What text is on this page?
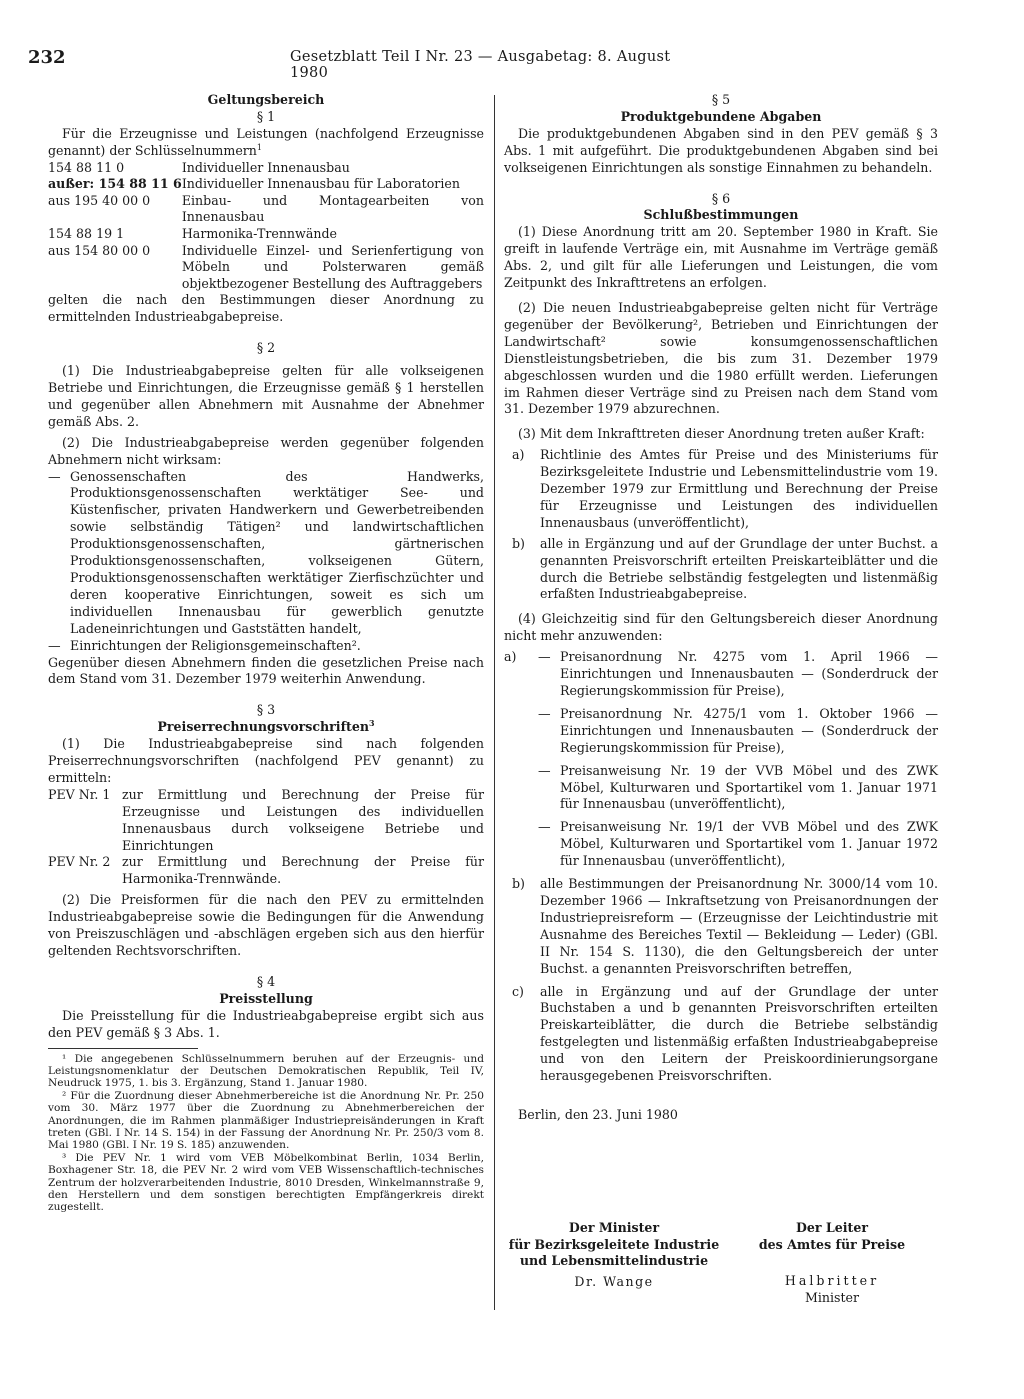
232	Gesetzblatt Teil I Nr. 23 — Ausgabetag: 8. August 1980

Geltungsbereich

§ 1

Für die Erzeugnisse und Leistungen (nachfolgend Erzeugnisse genannt) der Schlüsselnummern$^1$

154 88 11 0	Individueller Innenausbau
außer: 154 88 11 6	Individueller Innenausbau für Laboratorien
aus 195 40 00 0	Einbau- und Montagearbeiten von Innenausbau
154 88 19 1	Harmonika-Trennwände
aus 154 80 00 0	Individuelle Einzel- und Serienfertigung von Möbeln und Polsterwaren gemäß objektbezogener Bestellung des Auftraggebers

gelten die nach den Bestimmungen dieser Anordnung zu ermittelnden Industrieabgabepreise.

§ 2

(1) Die Industrieabgabepreise gelten für alle volkseigenen Betriebe und Einrichtungen, die Erzeugnisse gemäß § 1 herstellen und gegenüber allen Abnehmern mit Ausnahme der Abnehmer gemäß Abs. 2.

(2) Die Industrieabgabepreise werden gegenüber folgenden Abnehmern nicht wirksam:

— Genossenschaften des Handwerks, Produktionsgenossenschaften werktätiger See- und Küstenfischer, privaten Handwerkern und Gewerbetreibenden sowie selbständig Tätigen² und landwirtschaftlichen Produktionsgenossenschaften, gärtnerischen Produktionsgenossenschaften, volkseigenen Gütern, Produktionsgenossenschaften werktätiger Zierfischzüchter und deren kooperative Einrichtungen, soweit es sich um individuellen Innenausbau für gewerblich genutzte Ladeneinrichtungen und Gaststätten handelt,
— Einrichtungen der Religionsgemeinschaften².

Gegenüber diesen Abnehmern finden die gesetzlichen Preise nach dem Stand vom 31. Dezember 1979 weiterhin Anwendung.

§ 3

Preiserrechnungsvorschriften$^3$

(1) Die Industrieabgabepreise sind nach folgenden Preiserrechnungsvorschriften (nachfolgend PEV genannt) zu ermitteln:

PEV Nr. 1 zur Ermittlung und Berechnung der Preise für Erzeugnisse und Leistungen des individuellen Innenausbaus durch volkseigene Betriebe und Einrichtungen
PEV Nr. 2 zur Ermittlung und Berechnung der Preise für Harmonika-Trennwände.

(2) Die Preisformen für die nach den PEV zu ermittelnden Industrieabgabepreise sowie die Bedingungen für die Anwendung von Preiszuschlägen und -abschlägen ergeben sich aus den hierfür geltenden Rechtsvorschriften.

§ 4

Preisstellung

Die Preisstellung für die Industrieabgabepreise ergibt sich aus den PEV gemäß § 3 Abs. 1.

¹ Die angegebenen Schlüsselnummern beruhen auf der Erzeugnis- und Leistungsnomenklatur der Deutschen Demokratischen Republik, Teil IV, Neudruck 1975, 1. bis 3. Ergänzung, Stand 1. Januar 1980.

² Für die Zuordnung dieser Abnehmerbereiche ist die Anordnung Nr. Pr. 250 vom 30. März 1977 über die Zuordnung zu Abnehmerbereichen der Anordnungen, die im Rahmen planmäßiger Industriepreisänderungen in Kraft treten (GBl. I Nr. 14 S. 154) in der Fassung der Anordnung Nr. Pr. 250/3 vom 8. Mai 1980 (GBl. I Nr. 19 S. 185) anzuwenden.

³ Die PEV Nr. 1 wird vom VEB Möbelkombinat Berlin, 1034 Berlin, Boxhagener Str. 18, die PEV Nr. 2 wird vom VEB Wissenschaftlich-technisches Zentrum der holzverarbeitenden Industrie, 8010 Dresden, Winkelmannstraße 9, den Herstellern und dem sonstigen berechtigten Empfängerkreis direkt zugestellt.

§ 5

Produktgebundene Abgaben

Die produktgebundenen Abgaben sind in den PEV gemäß § 3 Abs. 1 mit aufgeführt. Die produktgebundenen Abgaben sind bei volkseigenen Einrichtungen als sonstige Einnahmen zu behandeln.

§ 6

Schlußbestimmungen

(1) Diese Anordnung tritt am 20. September 1980 in Kraft. Sie greift in laufende Verträge ein, mit Ausnahme im Verträge gemäß Abs. 2, und gilt für alle Lieferungen und Leistungen, die vom Zeitpunkt des Inkrafttretens an erfolgen.

(2) Die neuen Industrieabgabepreise gelten nicht für Verträge gegenüber der Bevölkerung², Betrieben und Einrichtungen der Landwirtschaft² sowie konsumgenossenschaftlichen Dienstleistungsbetrieben, die bis zum 31. Dezember 1979 abgeschlossen wurden und die 1980 erfüllt werden. Lieferungen im Rahmen dieser Verträge sind zu Preisen nach dem Stand vom 31. Dezember 1979 abzurechnen.

(3) Mit dem Inkrafttreten dieser Anordnung treten außer Kraft:

a) Richtlinie des Amtes für Preise und des Ministeriums für Bezirksgeleitete Industrie und Lebensmittelindustrie vom 19. Dezember 1979 zur Ermittlung und Berechnung der Preise für Erzeugnisse und Leistungen des individuellen Innenausbaus (unveröffentlicht),
b) alle in Ergänzung und auf der Grundlage der unter Buchst. a genannten Preisvorschrift erteilten Preiskarteiblätter und die durch die Betriebe selbständig festgelegten und listenmäßig erfaßten Industrieabgabepreise.

(4) Gleichzeitig sind für den Geltungsbereich dieser Anordnung nicht mehr anzuwenden:

a) — Preisanordnung Nr. 4275 vom 1. April 1966 — Einrichtungen und Innenausbauten — (Sonderdruck der Regierungskommission für Preise),
— Preisanordnung Nr. 4275/1 vom 1. Oktober 1966 — Einrichtungen und Innenausbauten — (Sonderdruck der Regierungskommission für Preise),
— Preisanweisung Nr. 19 der VVB Möbel und des ZWK Möbel, Kulturwaren und Sportartikel vom 1. Januar 1971 für Innenausbau (unveröffentlicht),
— Preisanweisung Nr. 19/1 der VVB Möbel und des ZWK Möbel, Kulturwaren und Sportartikel vom 1. Januar 1972 für Innenausbau (unveröffentlicht),
b) alle Bestimmungen der Preisanordnung Nr. 3000/14 vom 10. Dezember 1966 — Inkraftsetzung von Preisanordnungen der Industriepreisreform — (Erzeugnisse der Leichtindustrie mit Ausnahme des Bereiches Textil — Bekleidung — Leder) (GBl. II Nr. 154 S. 1130), die den Geltungsbereich der unter Buchst. a genannten Preisvorschriften betreffen,
c) alle in Ergänzung und auf der Grundlage der unter Buchstaben a und b genannten Preisvorschriften erteilten Preiskarteiblätter, die durch die Betriebe selbständig festgelegten und listenmäßig erfaßten Industrieabgabepreise und von den Leitern der Preiskoordinierungsorgane herausgegebenen Preisvorschriften.

Berlin, den 23. Juni 1980

Der Minister

für Bezirksgeleitete Industrie

und Lebensmittelindustrie

Dr. Wange

Der Leiter

des Amtes für Preise

Halbritter

Minister
